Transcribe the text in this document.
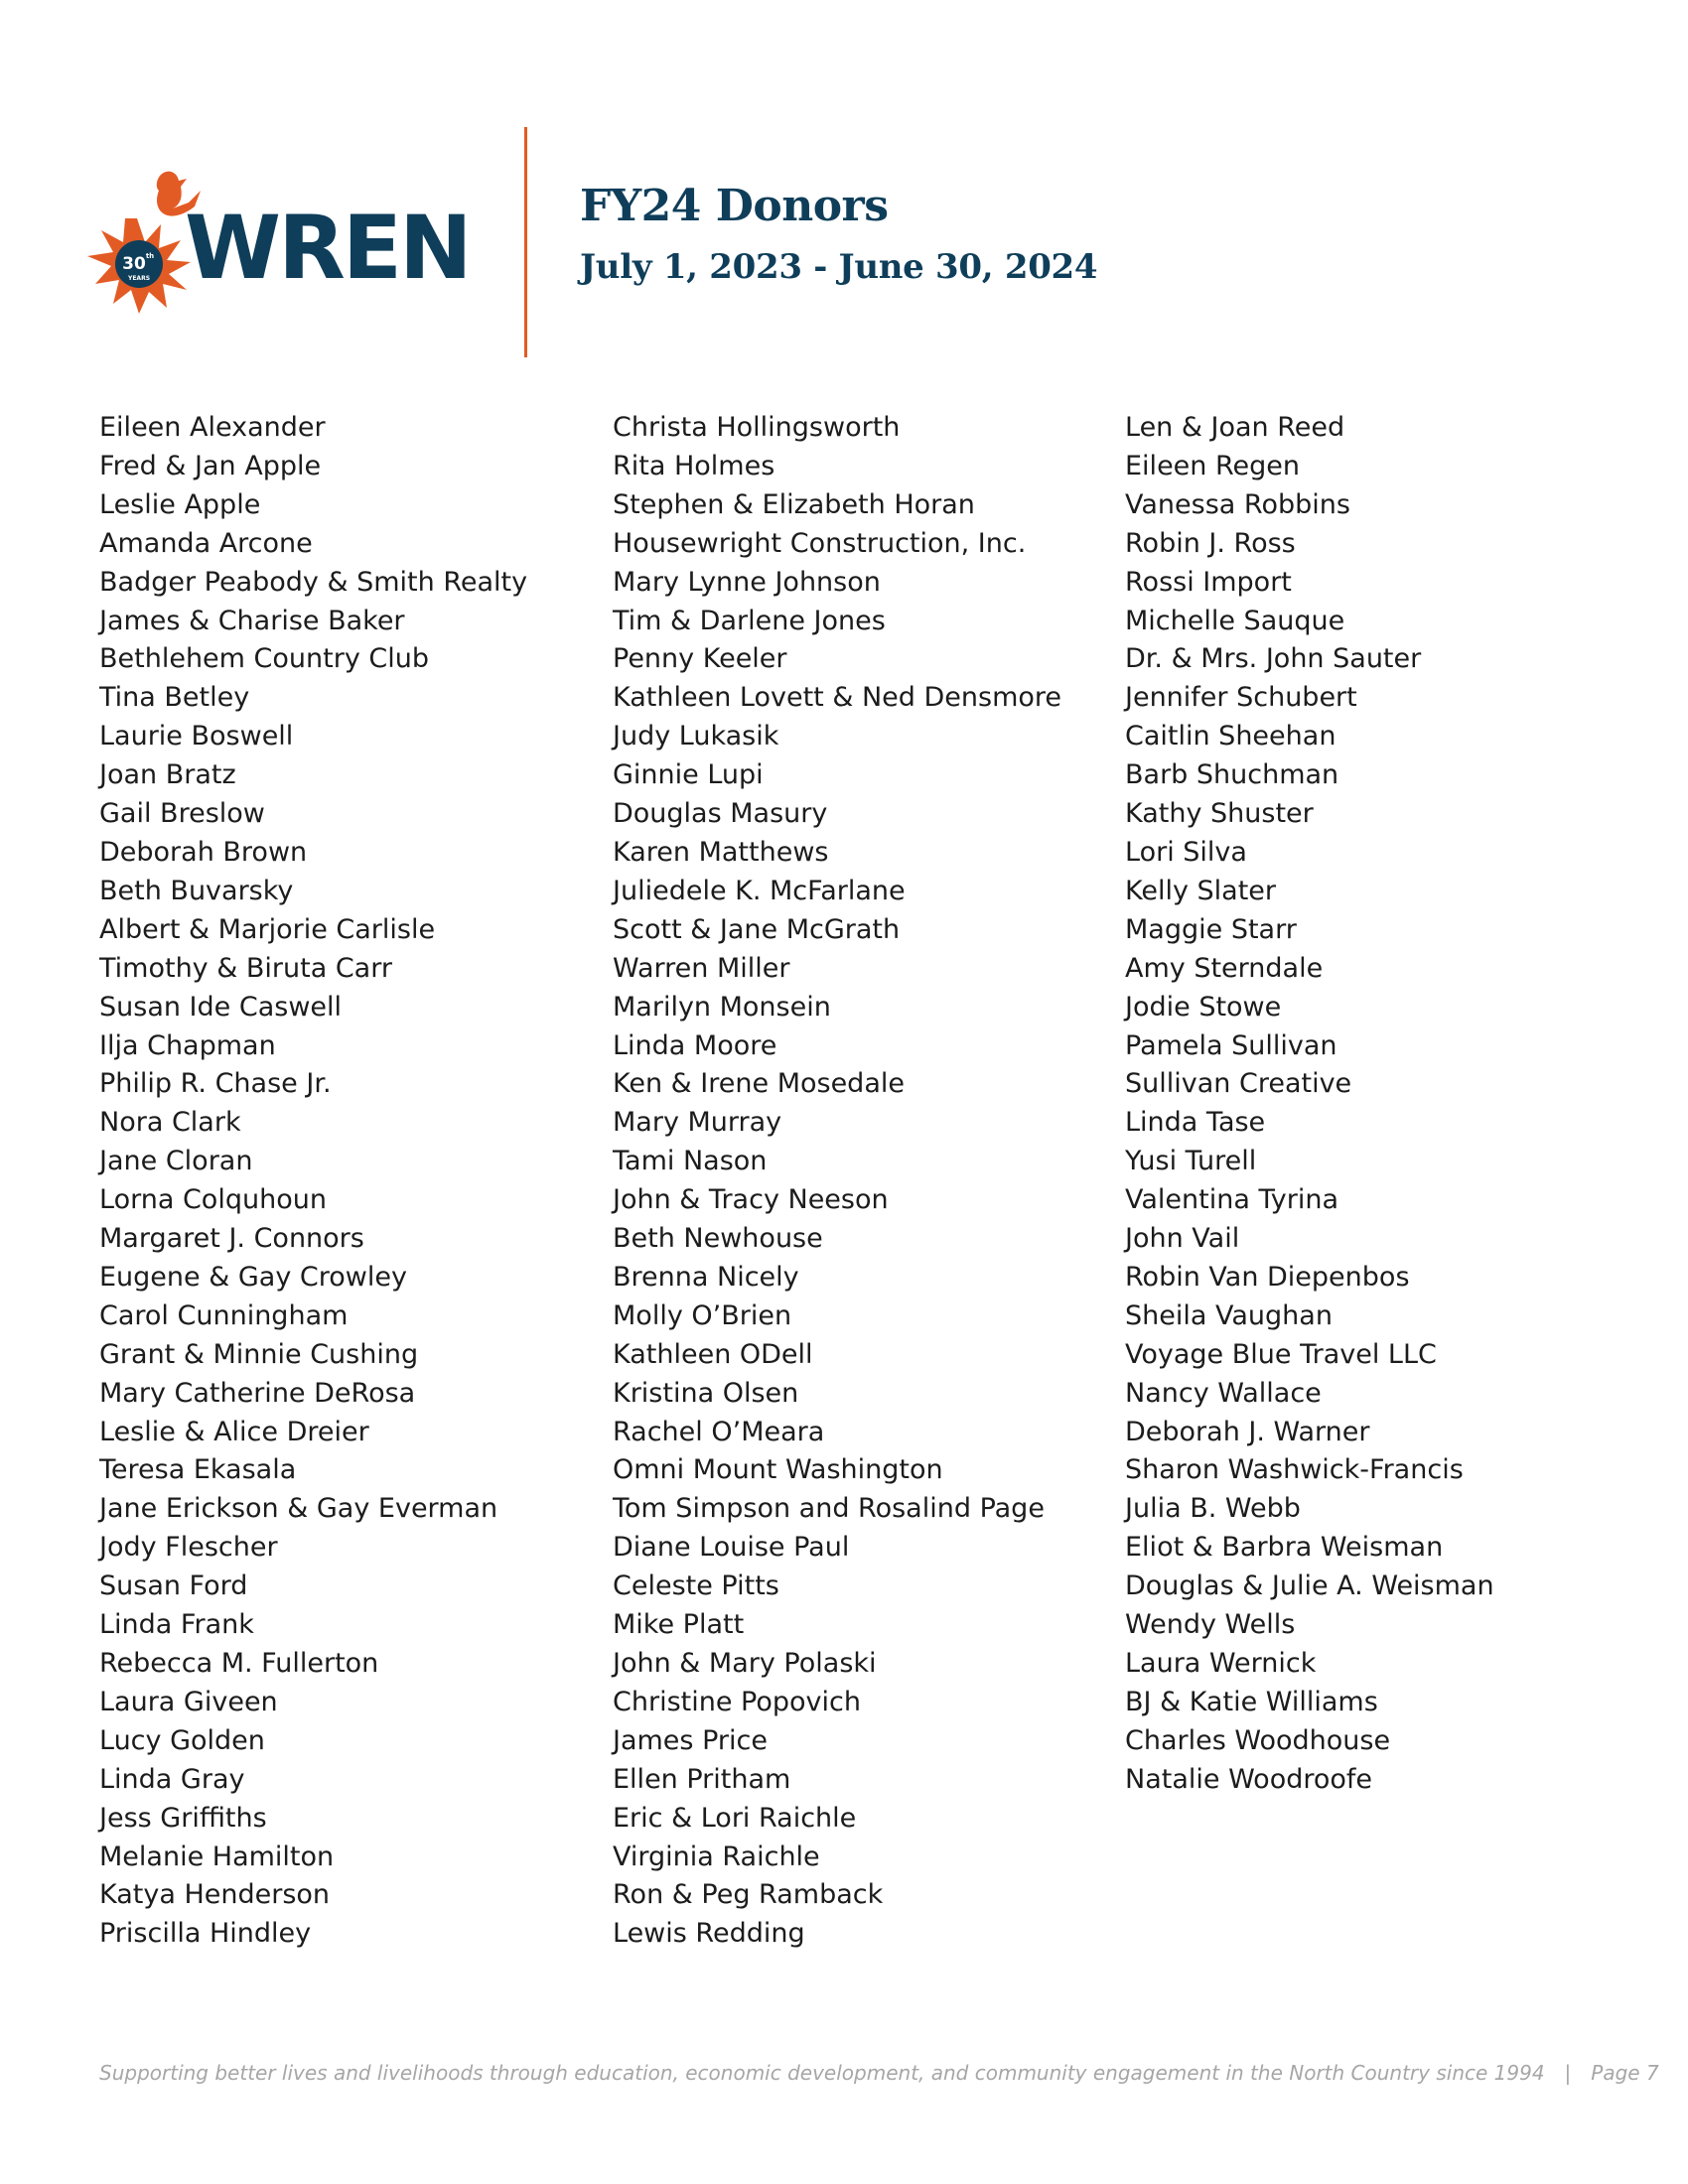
30 th
YEARS WREN	FY24 Donors
July 1, 2023 - June 30, 2024
Eileen Alexander
Fred & Jan Apple
Leslie Apple
Amanda Arcone
Badger Peabody & Smith Realty
James & Charise Baker
Bethlehem Country Club
Tina Betley
Laurie Boswell
Joan Bratz
Gail Breslow
Deborah Brown
Beth Buvarsky
Albert & Marjorie Carlisle
Timothy & Biruta Carr
Susan Ide Caswell
Ilja Chapman
Philip R. Chase Jr.
Nora Clark
Jane Cloran
Lorna Colquhoun
Margaret J. Connors
Eugene & Gay Crowley
Carol Cunningham
Grant & Minnie Cushing
Mary Catherine DeRosa
Leslie & Alice Dreier
Teresa Ekasala
Jane Erickson & Gay Everman
Jody Flescher
Susan Ford
Linda Frank
Rebecca M. Fullerton
Laura Giveen
Lucy Golden
Linda Gray
Jess Griffiths
Melanie Hamilton
Katya Henderson
Priscilla Hindley
Christa Hollingsworth
Rita Holmes
Stephen & Elizabeth Horan
Housewright Construction, Inc.
Mary Lynne Johnson
Tim & Darlene Jones
Penny Keeler
Kathleen Lovett & Ned Densmore
Judy Lukasik
Ginnie Lupi
Douglas Masury
Karen Matthews
Juliedele K. McFarlane
Scott & Jane McGrath
Warren Miller
Marilyn Monsein
Linda Moore
Ken & Irene Mosedale
Mary Murray
Tami Nason
John & Tracy Neeson
Beth Newhouse
Brenna Nicely
Molly O’Brien
Kathleen ODell
Kristina Olsen
Rachel O’Meara
Omni Mount Washington
Tom Simpson and Rosalind Page
Diane Louise Paul
Celeste Pitts
Mike Platt
John & Mary Polaski
Christine Popovich
James Price
Ellen Pritham
Eric & Lori Raichle
Virginia Raichle
Ron & Peg Ramback
Lewis Redding
Len & Joan Reed
Eileen Regen
Vanessa Robbins
Robin J. Ross
Rossi Import
Michelle Sauque
Dr. & Mrs. John Sauter
Jennifer Schubert
Caitlin Sheehan
Barb Shuchman
Kathy Shuster
Lori Silva
Kelly Slater
Maggie Starr
Amy Sterndale
Jodie Stowe
Pamela Sullivan
Sullivan Creative
Linda Tase
Yusi Turell
Valentina Tyrina
John Vail
Robin Van Diepenbos
Sheila Vaughan
Voyage Blue Travel LLC
Nancy Wallace
Deborah J. Warner
Sharon Washwick-Francis
Julia B. Webb
Eliot & Barbra Weisman
Douglas & Julie A. Weisman
Wendy Wells
Laura Wernick
BJ & Katie Williams
Charles Woodhouse
Natalie Woodroofe
Supporting better lives and livelihoods through education, economic development, and community engagement in the North Country since 1994 | Page 7
